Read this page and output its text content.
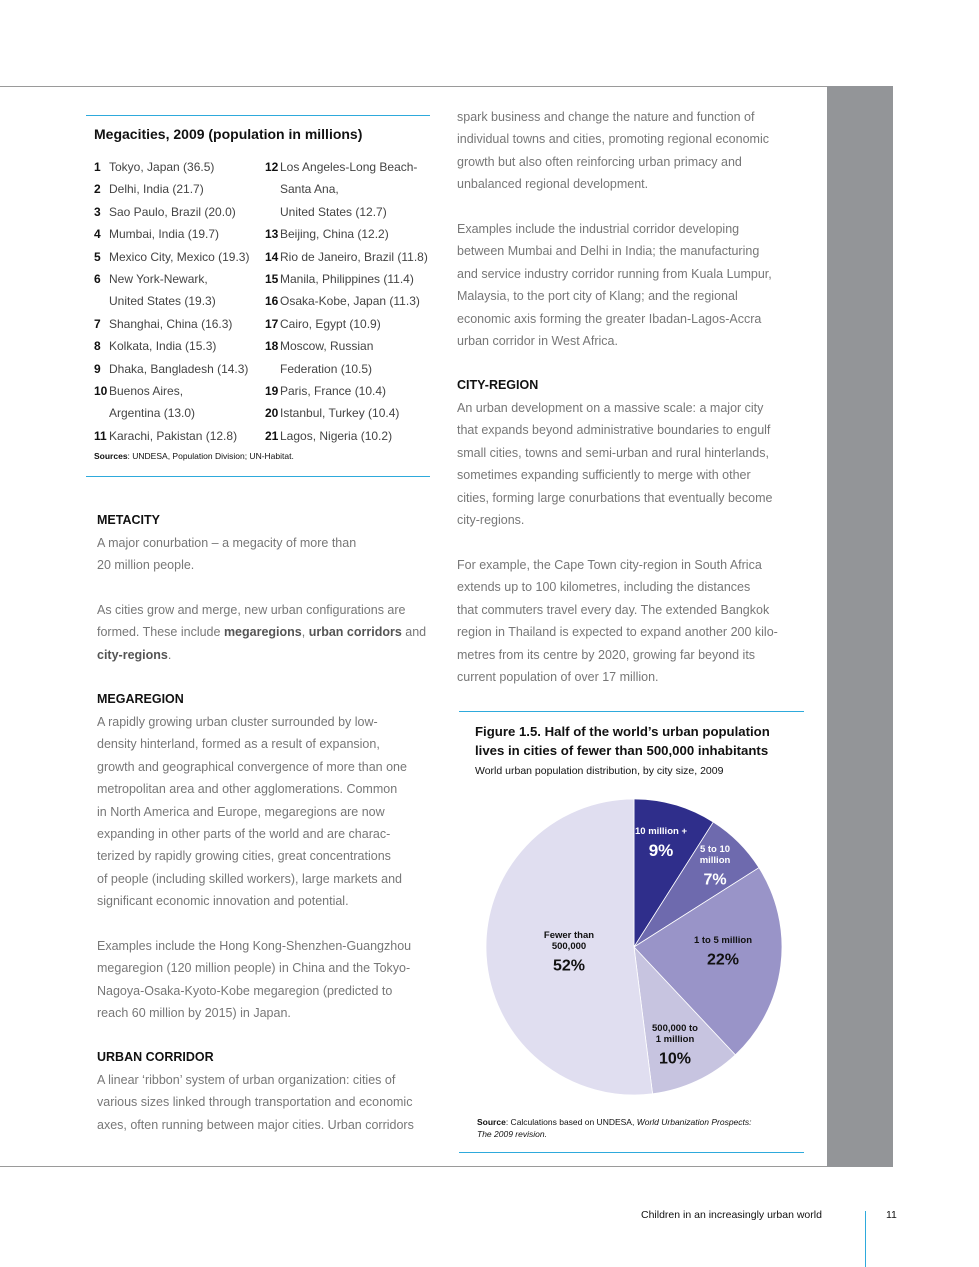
Megacities, 2009 (population in millions)
1 Tokyo, Japan (36.5)
2 Delhi, India (21.7)
3 Sao Paulo, Brazil (20.0)
4 Mumbai, India (19.7)
5 Mexico City, Mexico (19.3)
6 New York-Newark,
United States (19.3)
7 Shanghai, China (16.3)
8 Kolkata, India (15.3)
9 Dhaka, Bangladesh (14.3)
10 Buenos Aires,
Argentina (13.0)
11 Karachi, Pakistan (12.8)
12 Los Angeles-Long Beach-
Santa Ana,
United States (12.7)
13 Beijing, China (12.2)
14 Rio de Janeiro, Brazil (11.8)
15 Manila, Philippines (11.4)
16 Osaka-Kobe, Japan (11.3)
17 Cairo, Egypt (10.9)
18 Moscow, Russian
Federation (10.5)
19 Paris, France (10.4)
20 Istanbul, Turkey (10.4)
21 Lagos, Nigeria (10.2)
Sources: UNDESA, Population Division; UN-Habitat.
METACITY
A major conurbation – a megacity of more than
20 million people.
As cities grow and merge, new urban configurations are
formed. These include megaregions, urban corridors and
city-regions.
MEGAREGION
A rapidly growing urban cluster surrounded by low-
density hinterland, formed as a result of expansion,
growth and geographical convergence of more than one
metropolitan area and other agglomerations. Common
in North America and Europe, megaregions are now
expanding in other parts of the world and are charac-
terized by rapidly growing cities, great concentrations
of people (including skilled workers), large markets and
significant economic innovation and potential.
Examples include the Hong Kong-Shenzhen-Guangzhou
megaregion (120 million people) in China and the Tokyo-
Nagoya-Osaka-Kyoto-Kobe megaregion (predicted to
reach 60 million by 2015) in Japan.
URBAN CORRIDOR
A linear ‘ribbon’ system of urban organization: cities of
various sizes linked through transportation and economic
axes, often running between major cities. Urban corridors
spark business and change the nature and function of
individual towns and cities, promoting regional economic
growth but also often reinforcing urban primacy and
unbalanced regional development.
Examples include the industrial corridor developing
between Mumbai and Delhi in India; the manufacturing
and service industry corridor running from Kuala Lumpur,
Malaysia, to the port city of Klang; and the regional
economic axis forming the greater Ibadan-Lagos-Accra
urban corridor in West Africa.
CITY-REGION
An urban development on a massive scale: a major city
that expands beyond administrative boundaries to engulf
small cities, towns and semi-urban and rural hinterlands,
sometimes expanding sufficiently to merge with other
cities, forming large conurbations that eventually become
city-regions.
For example, the Cape Town city-region in South Africa
extends up to 100 kilometres, including the distances
that commuters travel every day. The extended Bangkok
region in Thailand is expected to expand another 200 kilo-
metres from its centre by 2020, growing far beyond its
current population of over 17 million.
Figure 1.5. Half of the world’s urban population
lives in cities of fewer than 500,000 inhabitants
World urban population distribution, by city size, 2009
10 million +
9%	5 to 10
million
7%
1 to 5 million
22%
500,000 to
1 million
10%
Fewer than
500,000
52%
Source: Calculations based on UNDESA, World Urbanization Prospects:
The 2009 revision.
Children in an increasingly urban world	11
